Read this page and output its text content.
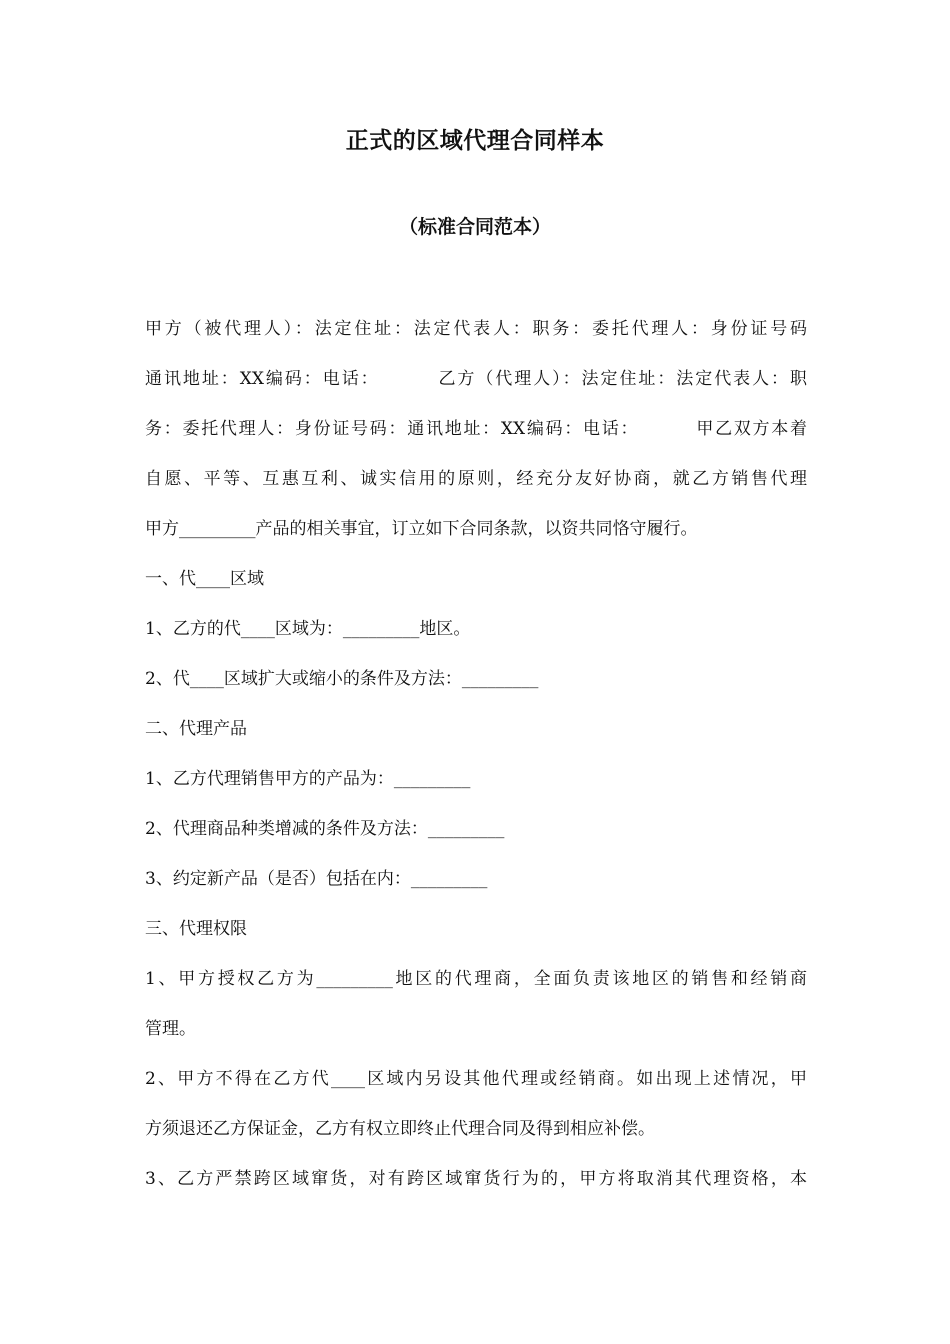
正式的区域代理合同样本
（标准合同范本）
甲方（被代理人）：法定住址：法定代表人：职务：委托代理人：身份证号码
通讯地址：XX编码：电话：        乙方（代理人）：法定住址：法定代表人：职
务：委托代理人：身份证号码：通讯地址：XX编码：电话：        甲乙双方本着
自愿、平等、互惠互利、诚实信用的原则，经充分友好协商，就乙方销售代理
甲方_________产品的相关事宜，订立如下合同条款，以资共同恪守履行。
一、代____区域
1、乙方的代____区域为：_________地区。
2、代____区域扩大或缩小的条件及方法：_________
二、代理产品
1、乙方代理销售甲方的产品为：_________
2、代理商品种类增减的条件及方法：_________
3、约定新产品（是否）包括在内：_________
三、代理权限
1、甲方授权乙方为_________地区的代理商，全面负责该地区的销售和经销商
管理。
2、甲方不得在乙方代____区域内另设其他代理或经销商。如出现上述情况，甲
方须退还乙方保证金，乙方有权立即终止代理合同及得到相应补偿。
3、乙方严禁跨区域窜货，对有跨区域窜货行为的，甲方将取消其代理资格，本
